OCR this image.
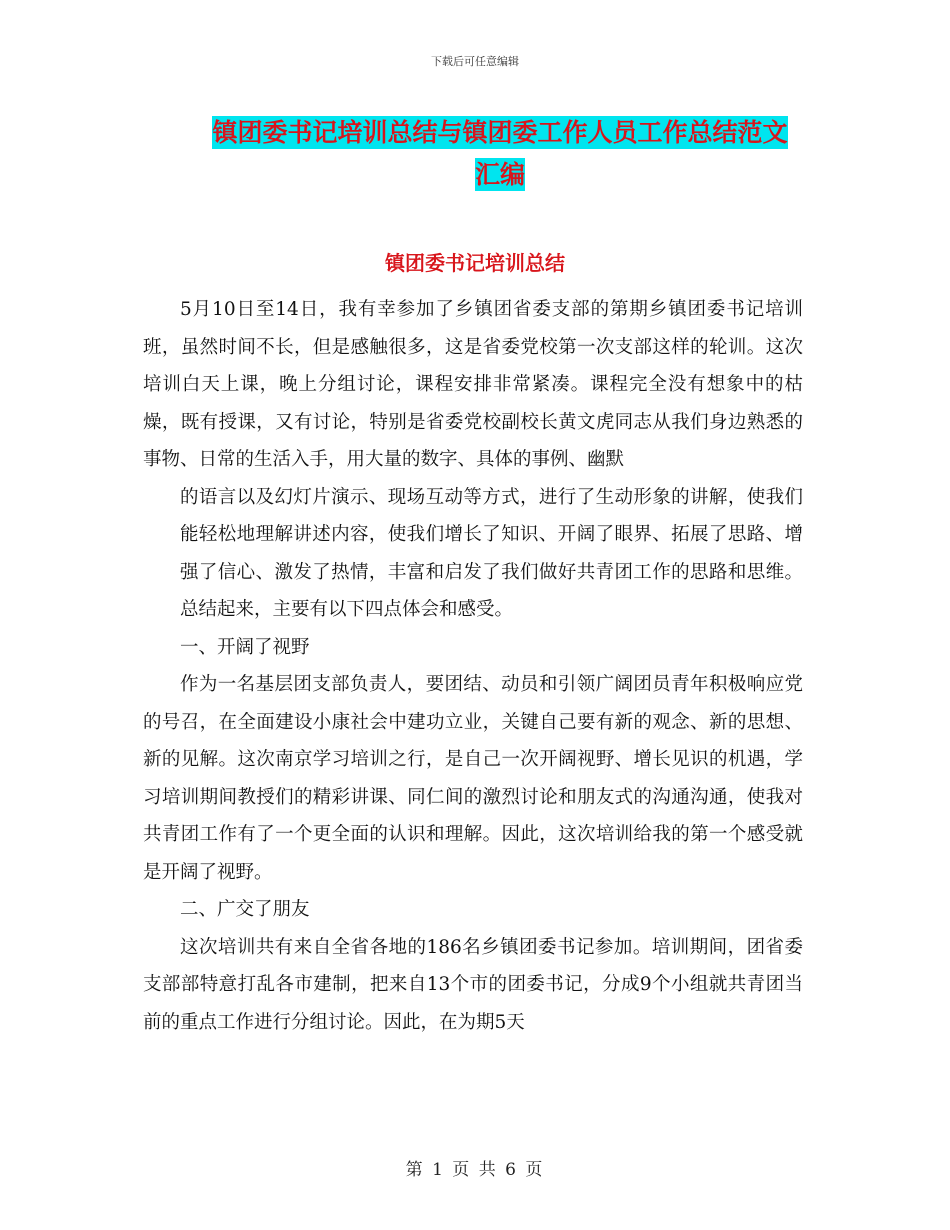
下载后可任意编辑
镇团委书记培训总结与镇团委工作人员工作总结范文
汇编
镇团委书记培训总结

5月10日至14日，我有幸参加了乡镇团省委支部的第期乡镇团委书记培训班，虽然时间不长，但是感触很多，这是省委党校第一次支部这样的轮训。这次培训白天上课，晚上分组讨论，课程安排非常紧凑。课程完全没有想象中的枯燥，既有授课，又有讨论，特别是省委党校副校长黄文虎同志从我们身边熟悉的事物、日常的生活入手，用大量的数字、具体的事例、幽默

的语言以及幻灯片演示、现场互动等方式，进行了生动形象的讲解，使我们能轻松地理解讲述内容，使我们增长了知识、开阔了眼界、拓展了思路、增强了信心、激发了热情，丰富和启发了我们做好共青团工作的思路和思维。总结起来，主要有以下四点体会和感受。

一、开阔了视野

作为一名基层团支部负责人，要团结、动员和引领广阔团员青年积极响应党的号召，在全面建设小康社会中建功立业，关键自己要有新的观念、新的思想、新的见解。这次南京学习培训之行，是自己一次开阔视野、增长见识的机遇，学习培训期间教授们的精彩讲课、同仁间的激烈讨论和朋友式的沟通沟通，使我对共青团工作有了一个更全面的认识和理解。因此，这次培训给我的第一个感受就是开阔了视野。

二、广交了朋友

这次培训共有来自全省各地的186名乡镇团委书记参加。培训期间，团省委支部部特意打乱各市建制，把来自13个市的团委书记，分成9个小组就共青团当前的重点工作进行分组讨论。因此，在为期5天

第 1 页 共 6 页
